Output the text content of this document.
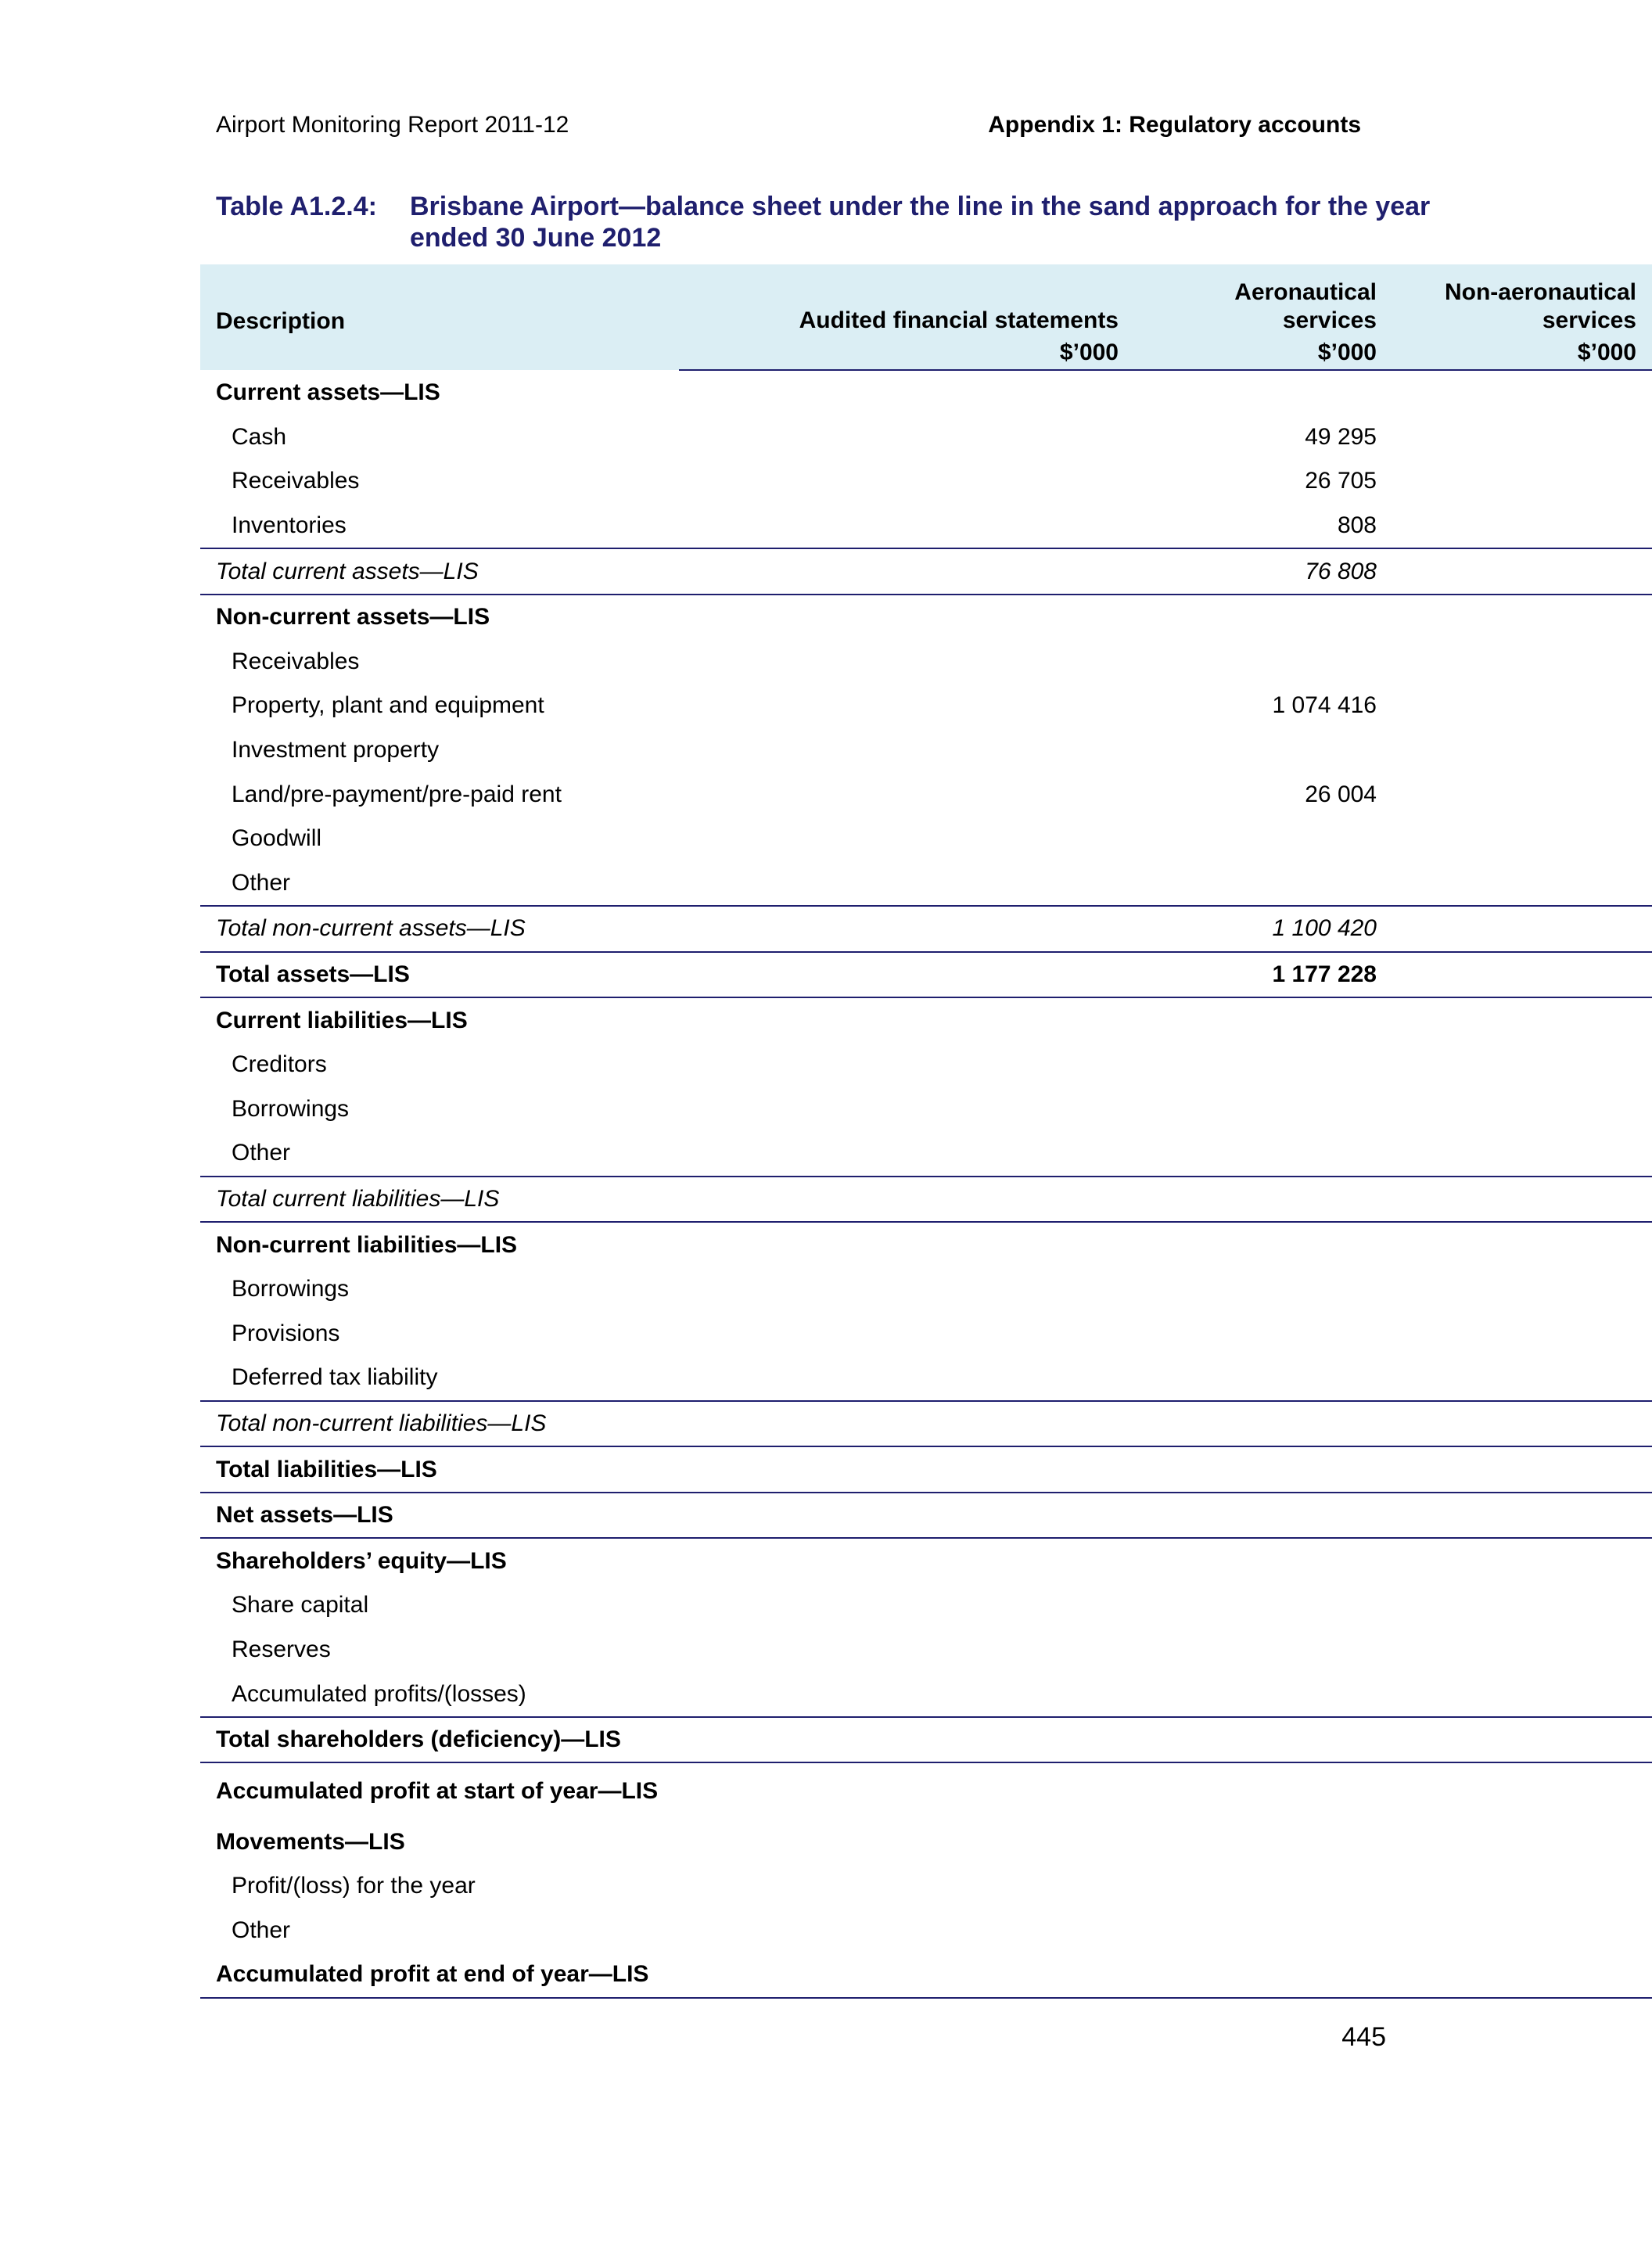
Airport Monitoring Report 2011-12	Appendix 1: Regulatory accounts
Table A1.2.4: Brisbane Airport—balance sheet under the line in the sand approach for the year ended 30 June 2012
Description	Audited financial statements	Aeronautical services	Non-aeronautical services
	$’000	$’000	$’000
Current assets—LIS			
Cash		49 295	
Receivables		26 705	
Inventories		808	
Total current assets—LIS		76 808	
Non-current assets—LIS			
Receivables			
Property, plant and equipment		1 074 416	
Investment property			
Land/pre-payment/pre-paid rent		26 004	
Goodwill			
Other			
Total non-current assets—LIS		1 100 420	
Total assets—LIS		1 177 228	
Current liabilities—LIS			
Creditors			
Borrowings			
Other			
Total current liabilities—LIS			
Non-current liabilities—LIS			
Borrowings			
Provisions			
Deferred tax liability			
Total non-current liabilities—LIS			
Total liabilities—LIS			
Net assets—LIS			
Shareholders’ equity—LIS			
Share capital			
Reserves			
Accumulated profits/(losses)			
Total shareholders (deficiency)—LIS			
Accumulated profit at start of year—LIS			
Movements—LIS			
Profit/(loss) for the year			
Other			
Accumulated profit at end of year—LIS			
445
